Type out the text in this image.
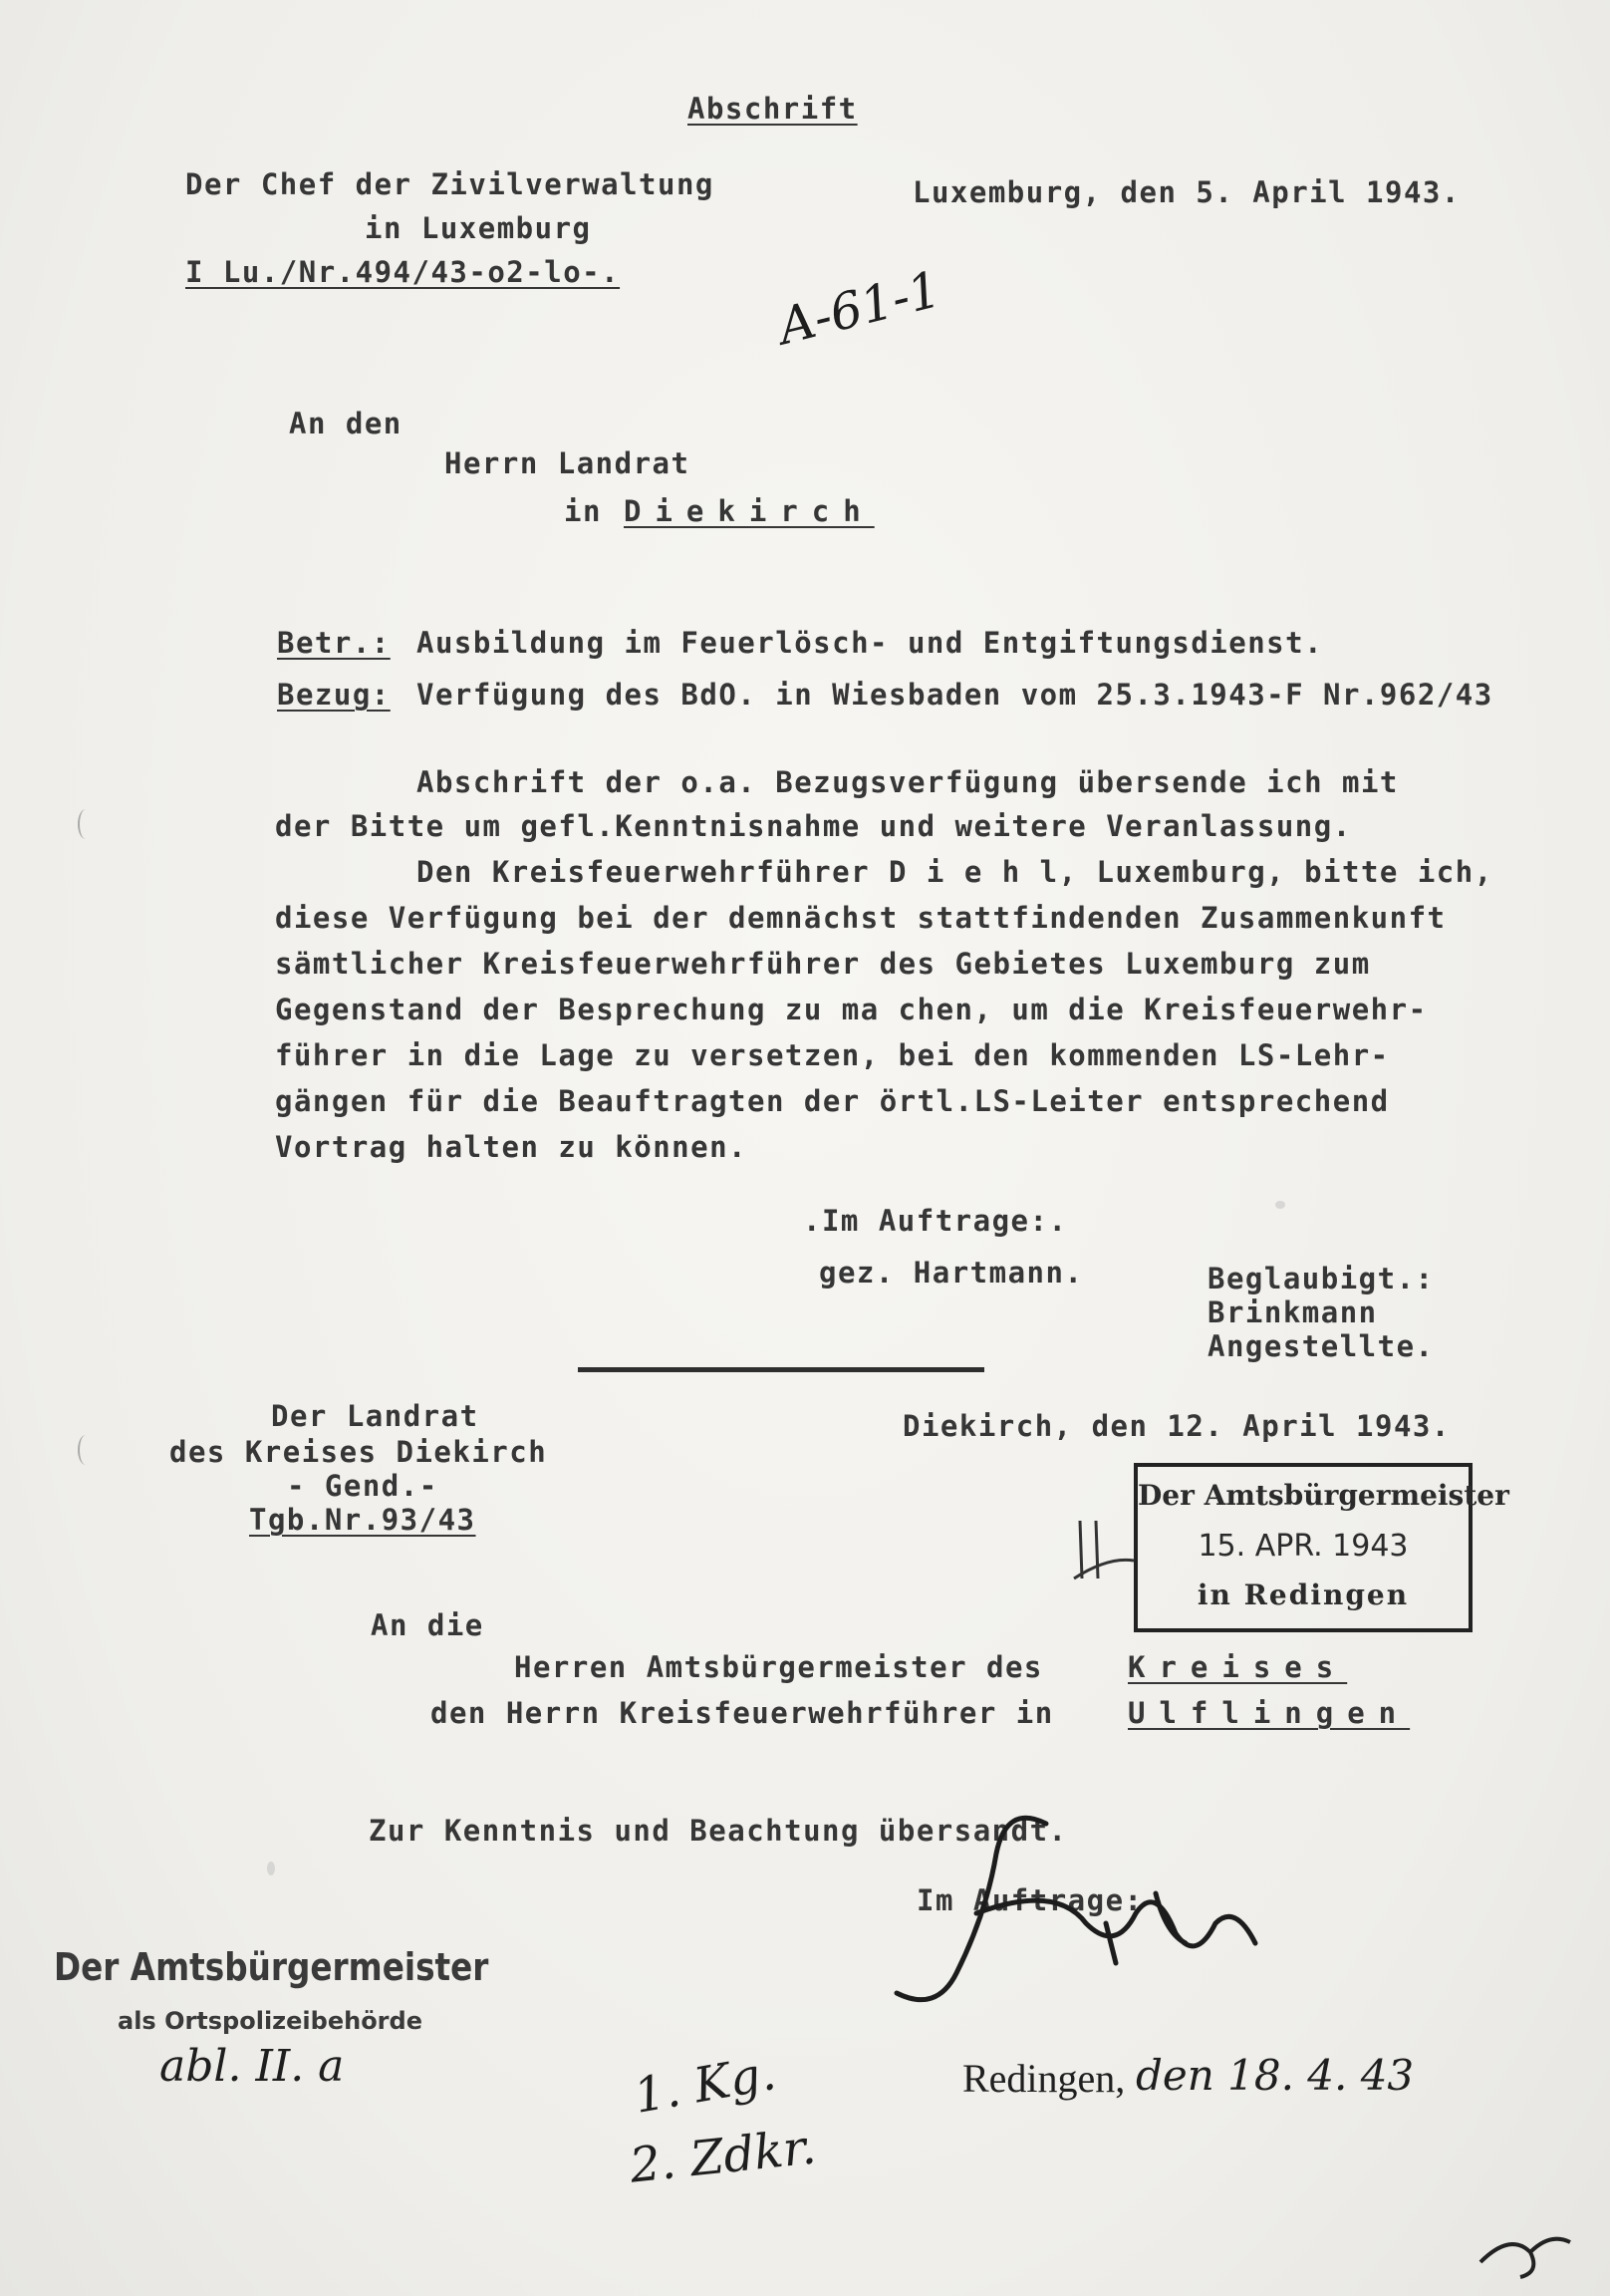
Abschrift
Der Chef der Zivilverwaltung
in Luxemburg
I Lu./Nr.494/43-o2-lo-.
Luxemburg, den 5. April 1943.
A-61-1
An den
Herrn Landrat
in Diekirch
Betr.: Ausbildung im Feuerlösch- und Entgiftungsdienst.
Bezug: Verfügung des BdO. in Wiesbaden vom 25.3.1943-F Nr.962/43
Abschrift der o.a. Bezugsverfügung übersende ich mit
der Bitte um gefl.Kenntnisnahme und weitere Veranlassung.
Den Kreisfeuerwehrführer D i e h l, Luxemburg, bitte ich,
diese Verfügung bei der demnächst stattfindenden Zusammenkunft
sämtlicher Kreisfeuerwehrführer des Gebietes Luxemburg zum
Gegenstand der Besprechung zu ma chen, um die Kreisfeuerwehr-
führer in die Lage zu versetzen, bei den kommenden LS-Lehr-
gängen für die Beauftragten der örtl.LS-Leiter entsprechend
Vortrag halten zu können.
.Im Auftrage:.
gez. Hartmann.	Beglaubigt.:
Brinkmann
Angestellte.
Der Landrat
des Kreises Diekirch
- Gend.-
Tgb.Nr.93/43
Diekirch, den 12. April 1943.
Der Amtsbürgermeister
15. APR. 1943
in Redingen
An die
Herren Amtsbürgermeister des	Kreises
den Herrn Kreisfeuerwehrführer in	Ulflingen
Zur Kenntnis und Beachtung übersandt.
Im Auftrage:
Der Amtsbürgermeister
als Ortspolizeibehörde
abl. II. a	1. Kg.
2. Zdkr.
Redingen, den 18. 4. 43
